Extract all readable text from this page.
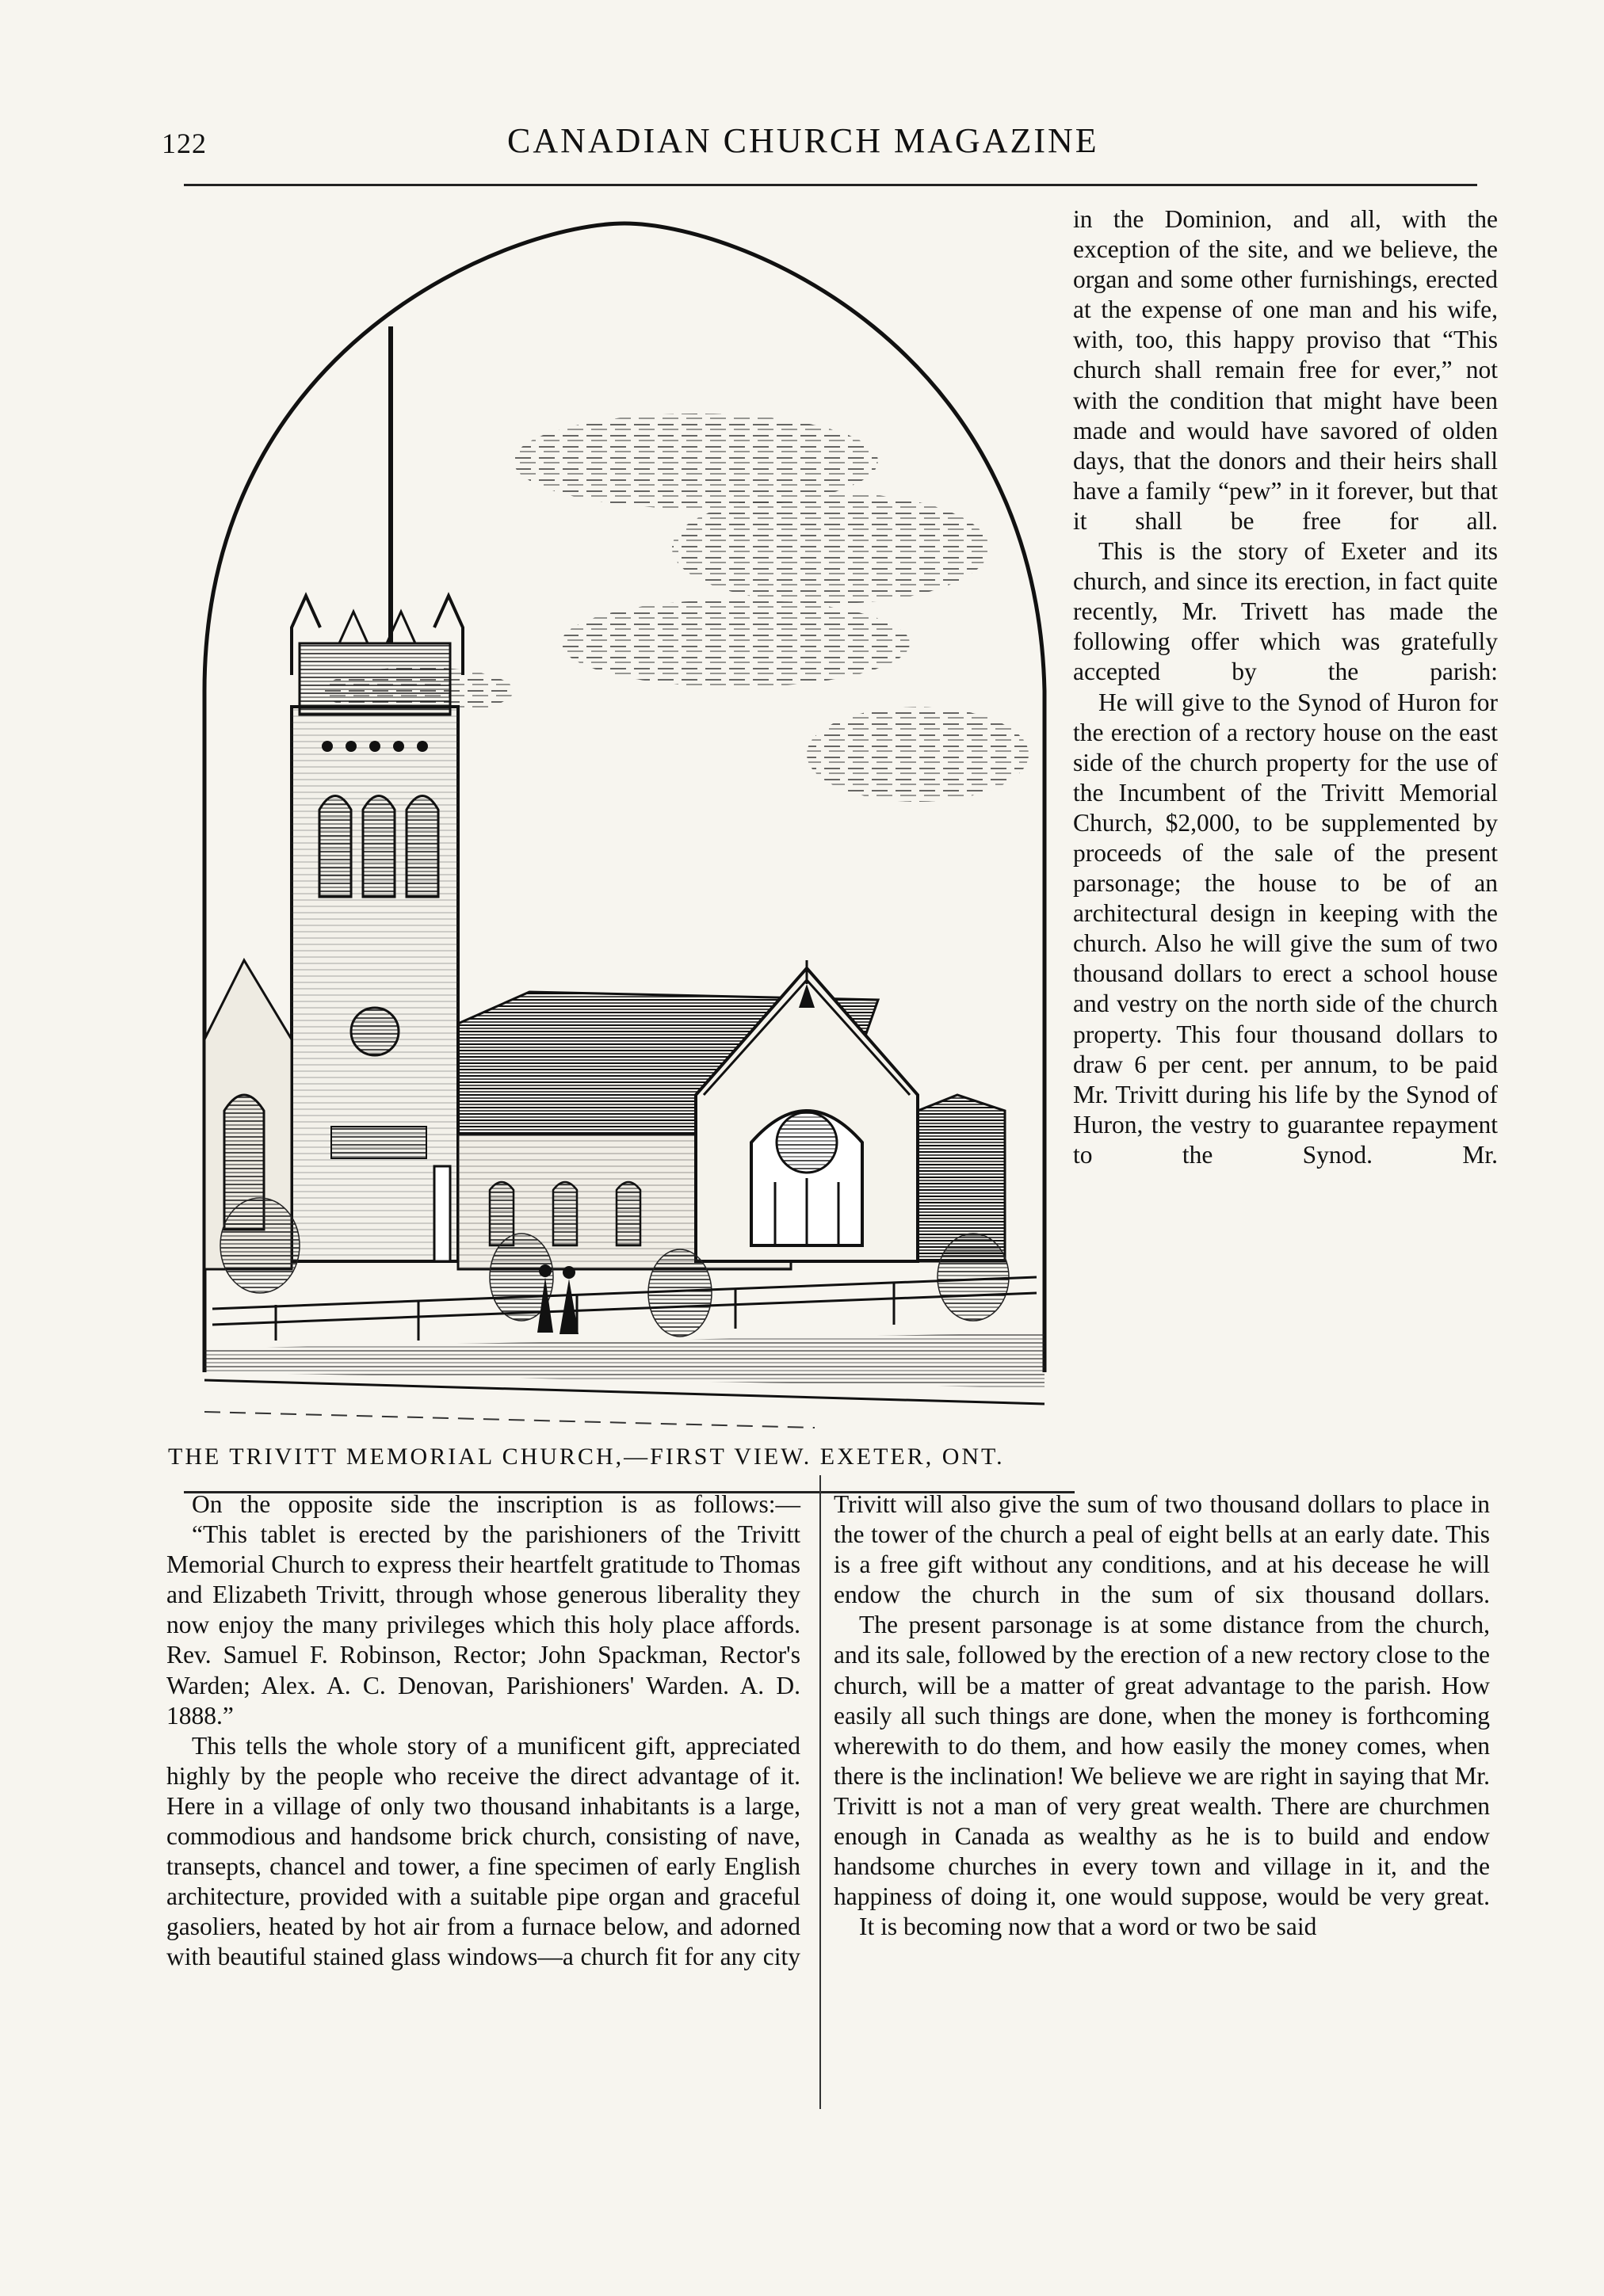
122	CANADIAN CHURCH MAGAZINE
THE TRIVITT MEMORIAL CHURCH,—FIRST VIEW. EXETER, ONT.

in the Dominion, and all, with the exception of the site, and we believe, the organ and some other furnishings, erected at the expense of one man and his wife, with, too, this happy proviso that “This church shall remain free for ever,” not with the condition that might have been made and would have savored of olden days, that the donors and their heirs shall have a family “pew” in it forever, but that it shall be free for all.

This is the story of Exeter and its church, and since its erection, in fact quite recently, Mr. Trivett has made the following offer which was gratefully accepted by the parish:

He will give to the Synod of Huron for the erection of a rectory house on the east side of the church property for the use of the Incumbent of the Trivitt Memorial Church, $2,000, to be supplemented by proceeds of the sale of the present parsonage; the house to be of an architectural design in keeping with the church. Also he will give the sum of two thousand dollars to erect a school house and vestry on the north side of the church property. This four thousand dollars to draw 6 per cent. per annum, to be paid Mr. Trivitt during his life by the Synod of Huron, the vestry to guarantee repayment to the Synod. Mr.

On the opposite side the inscription is as follows:—

“This tablet is erected by the parishioners of the Trivitt Memorial Church to express their heartfelt gratitude to Thomas and Elizabeth Trivitt, through whose generous liberality they now enjoy the many privileges which this holy place affords. Rev. Samuel F. Robinson, Rector; John Spackman, Rector's Warden; Alex. A. C. Denovan, Parishioners' Warden. A. D. 1888.”

This tells the whole story of a munificent gift, appreciated highly by the people who receive the direct advantage of it. Here in a village of only two thousand inhabitants is a large, commodious and handsome brick church, consisting of nave, transepts, chancel and tower, a fine specimen of early English architecture, provided with a suitable pipe organ and graceful gasoliers, heated by hot air from a furnace below, and adorned with beautiful stained glass windows—a church fit for any city

Trivitt will also give the sum of two thousand dollars to place in the tower of the church a peal of eight bells at an early date. This is a free gift without any conditions, and at his decease he will endow the church in the sum of six thousand dollars.

The present parsonage is at some distance from the church, and its sale, followed by the erection of a new rectory close to the church, will be a matter of great advantage to the parish. How easily all such things are done, when the money is forthcoming wherewith to do them, and how easily the money comes, when there is the inclination! We believe we are right in saying that Mr. Trivitt is not a man of very great wealth. There are churchmen enough in Canada as wealthy as he is to build and endow handsome churches in every town and village in it, and the happiness of doing it, one would suppose, would be very great.

It is becoming now that a word or two be said
